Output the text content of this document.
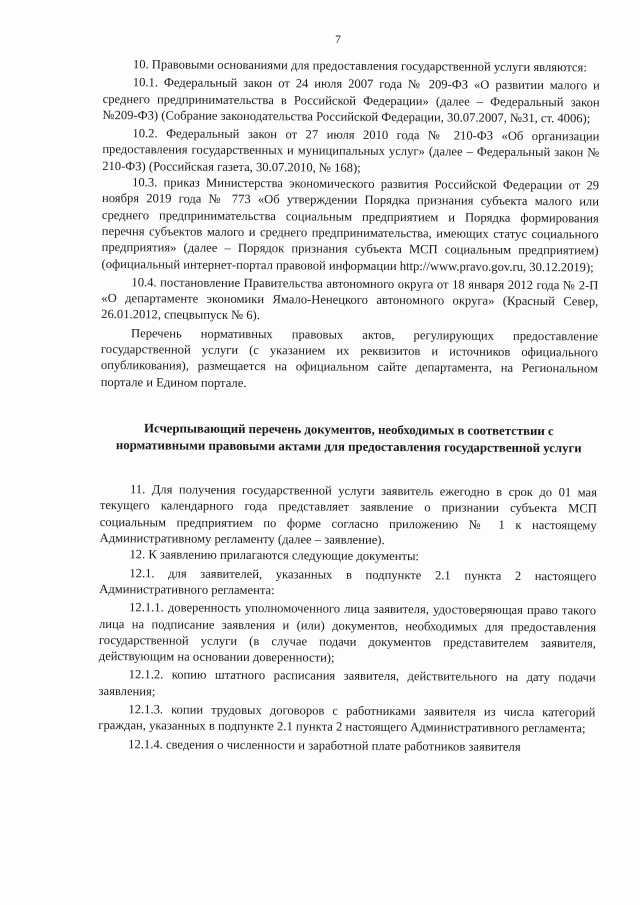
7

10. Правовыми основаниями для предоставления государственной услуги являются:

10.1. Федеральный закон от 24 июля 2007 года № 209-ФЗ «О развитии малого и среднего предпринимательства в Российской Федерации» (далее – Федеральный закон №209-ФЗ) (Собрание законодательства Российской Федерации, 30.07.2007, №31, ст. 4006);

10.2. Федеральный закон от 27 июля 2010 года № 210-ФЗ «Об организации предоставления государственных и муниципальных услуг» (далее – Федеральный закон № 210-ФЗ) (Российская газета, 30.07.2010, № 168);

10.3. приказ Министерства экономического развития Российской Федерации от 29 ноября 2019 года № 773 «Об утверждении Порядка признания субъекта малого или среднего предпринимательства социальным предприятием и Порядка формирования перечня субъектов малого и среднего предпринимательства, имеющих статус социального предприятия» (далее – Порядок признания субъекта МСП социальным предприятием) (официальный интернет-портал правовой информации http://www.pravo.gov.ru, 30.12.2019);

10.4. постановление Правительства автономного округа от 18 января 2012 года № 2-П «О департаменте экономики Ямало-Ненецкого автономного округа» (Красный Север, 26.01.2012, спецвыпуск № 6).

Перечень нормативных правовых актов, регулирующих предоставление государственной услуги (с указанием их реквизитов и источников официального опубликования), размещается на официальном сайте департамента, на Региональном портале и Едином портале.

Исчерпывающий перечень документов, необходимых в соответствии с нормативными правовыми актами для предоставления государственной услуги

11. Для получения государственной услуги заявитель ежегодно в срок до 01 мая текущего календарного года представляет заявление о признании субъекта МСП социальным предприятием по форме согласно приложению № 1 к настоящему Административному регламенту (далее – заявление).

12. К заявлению прилагаются следующие документы:

12.1. для заявителей, указанных в подпункте 2.1 пункта 2 настоящего Административного регламента:

12.1.1. доверенность уполномоченного лица заявителя, удостоверяющая право такого лица на подписание заявления и (или) документов, необходимых для предоставления государственной услуги (в случае подачи документов представителем заявителя, действующим на основании доверенности);

12.1.2. копию штатного расписания заявителя, действительного на дату подачи заявления;

12.1.3. копии трудовых договоров с работниками заявителя из числа категорий граждан, указанных в подпункте 2.1 пункта 2 настоящего Административного регламента;

12.1.4. сведения о численности и заработной плате работников заявителя
